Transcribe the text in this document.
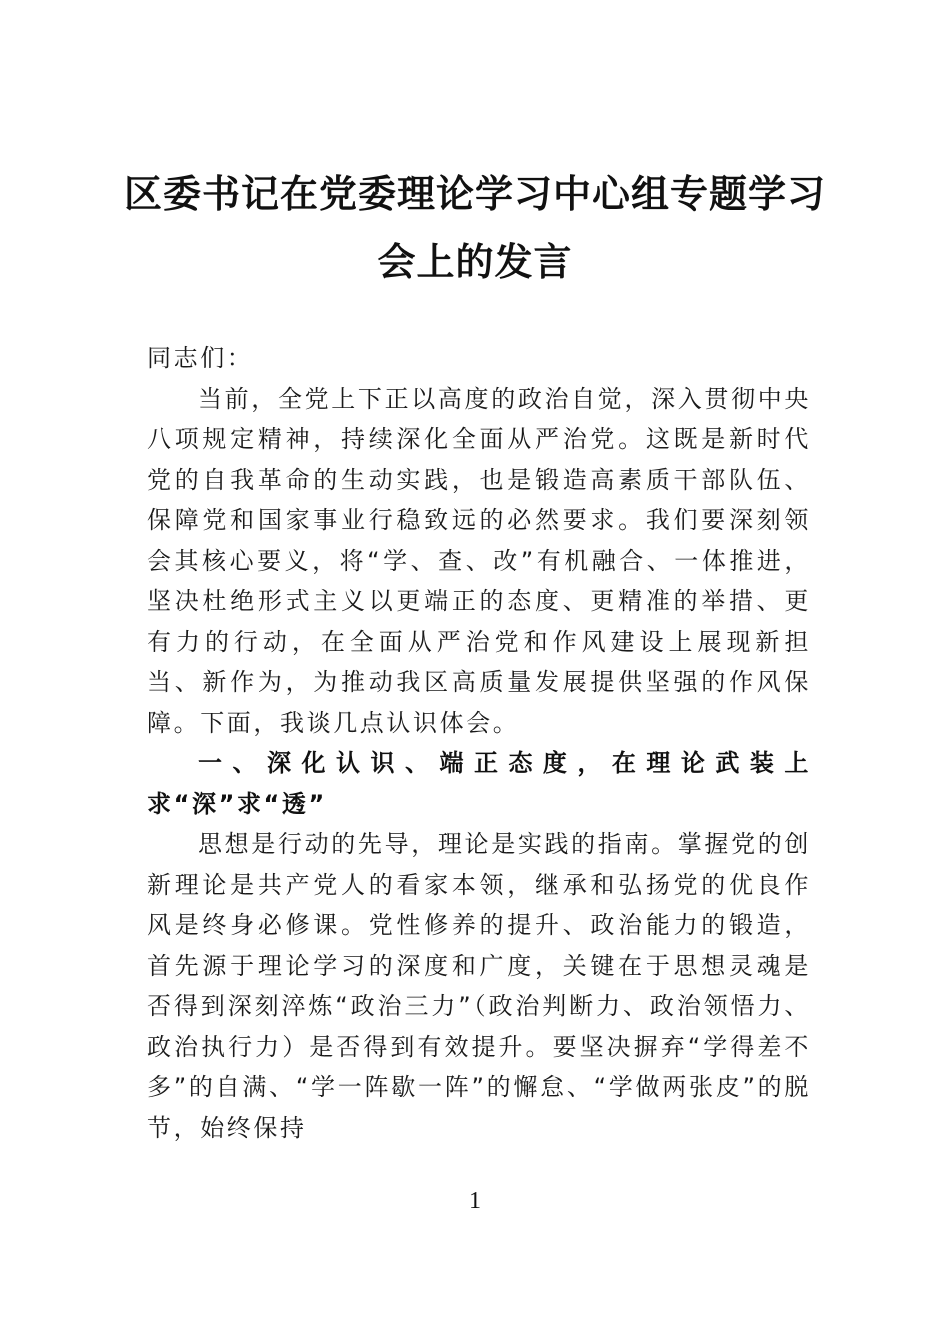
区委书记在党委理论学习中心组专题学习
会上的发言

同志们：

当前，全党上下正以高度的政治自觉，深入贯彻中央八项规定精神，持续深化全面从严治党。这既是新时代党的自我革命的生动实践，也是锻造高素质干部队伍、保障党和国家事业行稳致远的必然要求。我们要深刻领会其核心要义，将“学、查、改”有机融合、一体推进，坚决杜绝形式主义以更端正的态度、更精准的举措、更有力的行动，在全面从严治党和作风建设上展现新担当、新作为，为推动我区高质量发展提供坚强的作风保障。下面，我谈几点认识体会。

一、深化认识、端正态度，在理论武装上求“深”求“透”

思想是行动的先导，理论是实践的指南。掌握党的创新理论是共产党人的看家本领，继承和弘扬党的优良作风是终身必修课。党性修养的提升、政治能力的锻造，首先源于理论学习的深度和广度，关键在于思想灵魂是否得到深刻淬炼“政治三力”（政治判断力、政治领悟力、政治执行力）是否得到有效提升。要坚决摒弃“学得差不多”的自满、“学一阵歇一阵”的懈怠、“学做两张皮”的脱节，始终保持

1
